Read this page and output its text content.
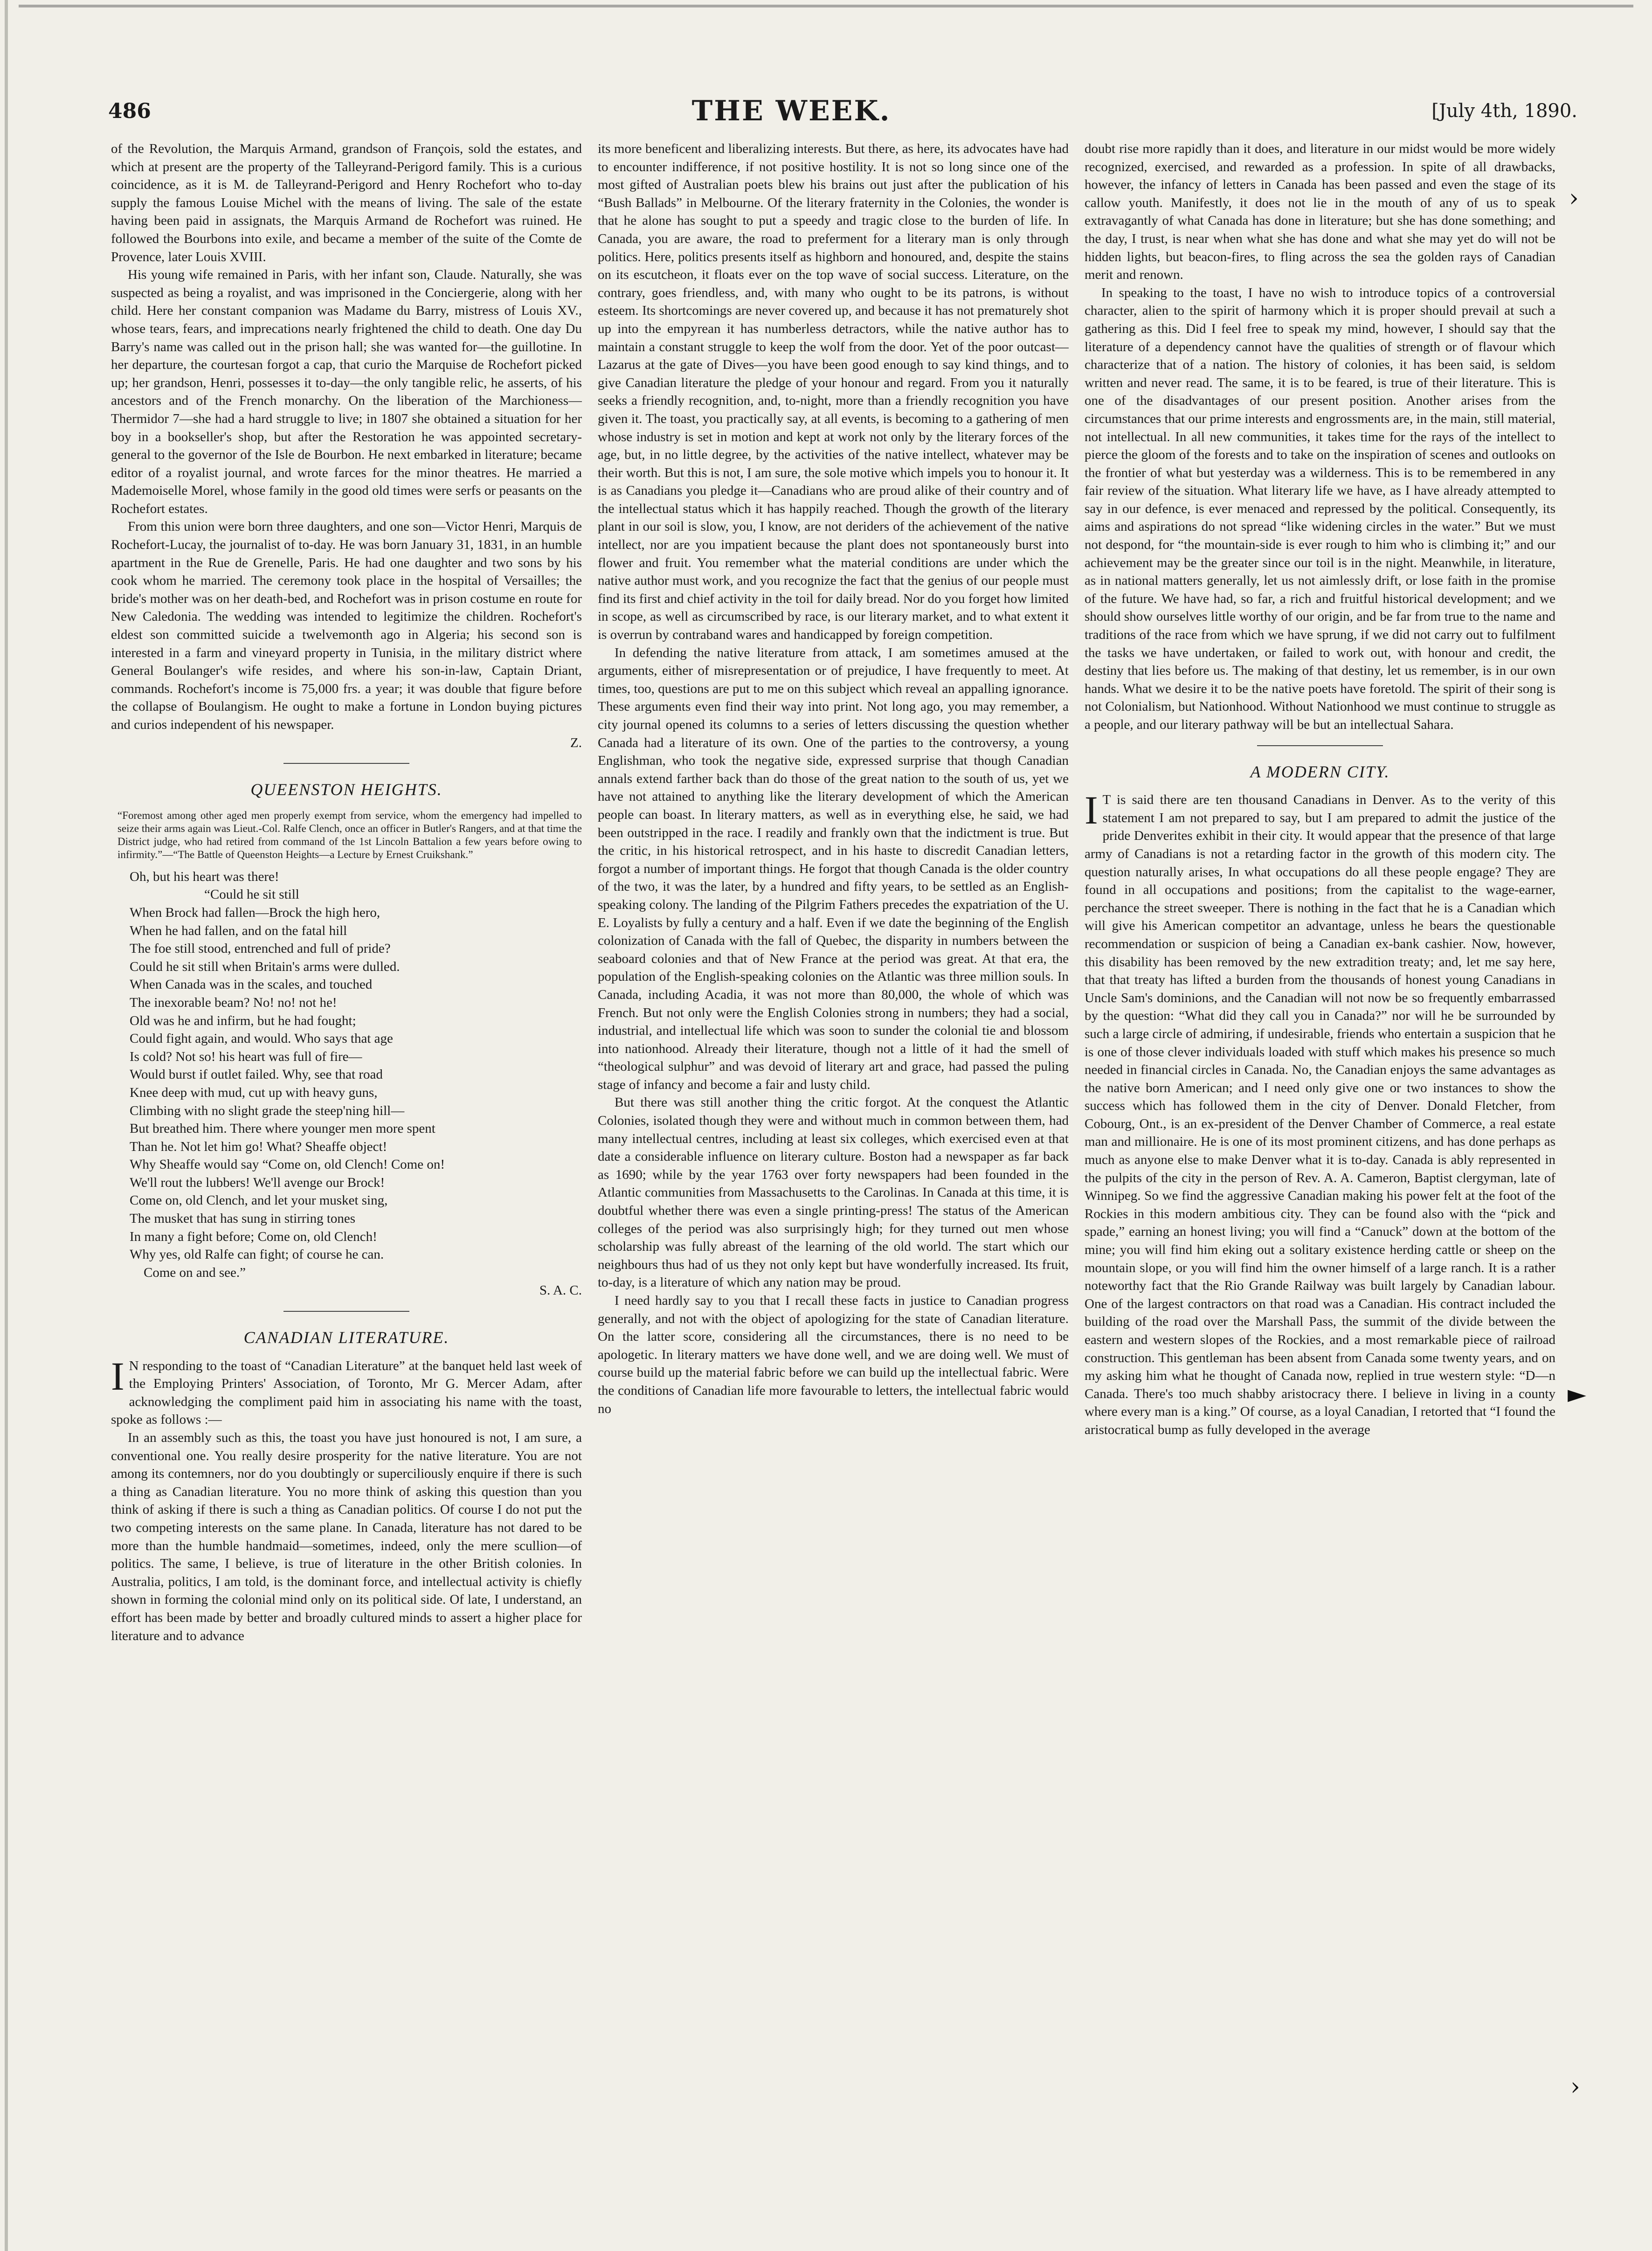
486	THE WEEK.	[July 4th, 1890.

of the Revolution, the Marquis Armand, grandson of François, sold the estates, and which at present are the property of the Talleyrand-Perigord family. This is a curious coincidence, as it is M. de Talleyrand-Perigord and Henry Rochefort who to-day supply the famous Louise Michel with the means of living. The sale of the estate having been paid in assignats, the Marquis Armand de Rochefort was ruined. He followed the Bourbons into exile, and became a member of the suite of the Comte de Provence, later Louis XVIII.

His young wife remained in Paris, with her infant son, Claude. Naturally, she was suspected as being a royalist, and was imprisoned in the Conciergerie, along with her child. Here her constant companion was Madame du Barry, mistress of Louis XV., whose tears, fears, and imprecations nearly frightened the child to death. One day Du Barry's name was called out in the prison hall; she was wanted for—the guillotine. In her departure, the courtesan forgot a cap, that curio the Marquise de Rochefort picked up; her grandson, Henri, possesses it to-day—the only tangible relic, he asserts, of his ancestors and of the French monarchy. On the liberation of the Marchioness—Thermidor 7—she had a hard struggle to live; in 1807 she obtained a situation for her boy in a bookseller's shop, but after the Restoration he was appointed secretary-general to the governor of the Isle de Bourbon. He next embarked in literature; became editor of a royalist journal, and wrote farces for the minor theatres. He married a Mademoiselle Morel, whose family in the good old times were serfs or peasants on the Rochefort estates.

From this union were born three daughters, and one son—Victor Henri, Marquis de Rochefort-Lucay, the journalist of to-day. He was born January 31, 1831, in an humble apartment in the Rue de Grenelle, Paris. He had one daughter and two sons by his cook whom he married. The ceremony took place in the hospital of Versailles; the bride's mother was on her death-bed, and Rochefort was in prison costume en route for New Caledonia. The wedding was intended to legitimize the children. Rochefort's eldest son committed suicide a twelvemonth ago in Algeria; his second son is interested in a farm and vineyard property in Tunisia, in the military district where General Boulanger's wife resides, and where his son-in-law, Captain Driant, commands. Rochefort's income is 75,000 frs. a year; it was double that figure before the collapse of Boulangism. He ought to make a fortune in London buying pictures and curios independent of his newspaper.

Z.

QUEENSTON HEIGHTS.
“Foremost among other aged men properly exempt from service, whom the emergency had impelled to seize their arms again was Lieut.-Col. Ralfe Clench, once an officer in Butler's Rangers, and at that time the District judge, who had retired from command of the 1st Lincoln Battalion a few years before owing to infirmity.”—“The Battle of Queenston Heights—a Lecture by Ernest Cruikshank.”
Oh, but his heart was there!
“Could he sit still
When Brock had fallen—Brock the high hero,
When he had fallen, and on the fatal hill
The foe still stood, entrenched and full of pride?
Could he sit still when Britain's arms were dulled.
When Canada was in the scales, and touched
The inexorable beam? No! no! not he!
Old was he and infirm, but he had fought;
Could fight again, and would. Who says that age
Is cold? Not so! his heart was full of fire—
Would burst if outlet failed. Why, see that road
Knee deep with mud, cut up with heavy guns,
Climbing with no slight grade the steep'ning hill—
But breathed him. There where younger men more spent
Than he. Not let him go! What? Sheaffe object!
Why Sheaffe would say “Come on, old Clench! Come on!
We'll rout the lubbers! We'll avenge our Brock!
Come on, old Clench, and let your musket sing,
The musket that has sung in stirring tones
In many a fight before; Come on, old Clench!
Why yes, old Ralfe can fight; of course he can.
Come on and see.”

S. A. C.

CANADIAN LITERATURE.

I N responding to the toast of “Canadian Literature” at the banquet held last week of the Employing Printers' Association, of Toronto, Mr G. Mercer Adam, after acknowledging the compliment paid him in associating his name with the toast, spoke as follows :—

In an assembly such as this, the toast you have just honoured is not, I am sure, a conventional one. You really desire prosperity for the native literature. You are not among its contemners, nor do you doubtingly or superciliously enquire if there is such a thing as Canadian literature. You no more think of asking this question than you think of asking if there is such a thing as Canadian politics. Of course I do not put the two competing interests on the same plane. In Canada, literature has not dared to be more than the humble handmaid—sometimes, indeed, only the mere scullion—of politics. The same, I believe, is true of literature in the other British colonies. In Australia, politics, I am told, is the dominant force, and intellectual activity is chiefly shown in forming the colonial mind only on its political side. Of late, I understand, an effort has been made by better and broadly cultured minds to assert a higher place for literature and to advance

its more beneficent and liberalizing interests. But there, as here, its advocates have had to encounter indifference, if not positive hostility. It is not so long since one of the most gifted of Australian poets blew his brains out just after the publication of his “Bush Ballads” in Melbourne. Of the literary fraternity in the Colonies, the wonder is that he alone has sought to put a speedy and tragic close to the burden of life. In Canada, you are aware, the road to preferment for a literary man is only through politics. Here, politics presents itself as highborn and honoured, and, despite the stains on its escutcheon, it floats ever on the top wave of social success. Literature, on the contrary, goes friendless, and, with many who ought to be its patrons, is without esteem. Its shortcomings are never covered up, and because it has not prematurely shot up into the empyrean it has numberless detractors, while the native author has to maintain a constant struggle to keep the wolf from the door. Yet of the poor outcast—Lazarus at the gate of Dives—you have been good enough to say kind things, and to give Canadian literature the pledge of your honour and regard. From you it naturally seeks a friendly recognition, and, to-night, more than a friendly recognition you have given it. The toast, you practically say, at all events, is becoming to a gathering of men whose industry is set in motion and kept at work not only by the literary forces of the age, but, in no little degree, by the activities of the native intellect, whatever may be their worth. But this is not, I am sure, the sole motive which impels you to honour it. It is as Canadians you pledge it—Canadians who are proud alike of their country and of the intellectual status which it has happily reached. Though the growth of the literary plant in our soil is slow, you, I know, are not deriders of the achievement of the native intellect, nor are you impatient because the plant does not spontaneously burst into flower and fruit. You remember what the material conditions are under which the native author must work, and you recognize the fact that the genius of our people must find its first and chief activity in the toil for daily bread. Nor do you forget how limited in scope, as well as circumscribed by race, is our literary market, and to what extent it is overrun by contraband wares and handicapped by foreign competition.

In defending the native literature from attack, I am sometimes amused at the arguments, either of misrepresentation or of prejudice, I have frequently to meet. At times, too, questions are put to me on this subject which reveal an appalling ignorance. These arguments even find their way into print. Not long ago, you may remember, a city journal opened its columns to a series of letters discussing the question whether Canada had a literature of its own. One of the parties to the controversy, a young Englishman, who took the negative side, expressed surprise that though Canadian annals extend farther back than do those of the great nation to the south of us, yet we have not attained to anything like the literary development of which the American people can boast. In literary matters, as well as in everything else, he said, we had been outstripped in the race. I readily and frankly own that the indictment is true. But the critic, in his historical retrospect, and in his haste to discredit Canadian letters, forgot a number of important things. He forgot that though Canada is the older country of the two, it was the later, by a hundred and fifty years, to be settled as an English-speaking colony. The landing of the Pilgrim Fathers precedes the expatriation of the U. E. Loyalists by fully a century and a half. Even if we date the beginning of the English colonization of Canada with the fall of Quebec, the disparity in numbers between the seaboard colonies and that of New France at the period was great. At that era, the population of the English-speaking colonies on the Atlantic was three million souls. In Canada, including Acadia, it was not more than 80,000, the whole of which was French. But not only were the English Colonies strong in numbers; they had a social, industrial, and intellectual life which was soon to sunder the colonial tie and blossom into nationhood. Already their literature, though not a little of it had the smell of “theological sulphur” and was devoid of literary art and grace, had passed the puling stage of infancy and become a fair and lusty child.

But there was still another thing the critic forgot. At the conquest the Atlantic Colonies, isolated though they were and without much in common between them, had many intellectual centres, including at least six colleges, which exercised even at that date a considerable influence on literary culture. Boston had a newspaper as far back as 1690; while by the year 1763 over forty newspapers had been founded in the Atlantic communities from Massachusetts to the Carolinas. In Canada at this time, it is doubtful whether there was even a single printing-press! The status of the American colleges of the period was also surprisingly high; for they turned out men whose scholarship was fully abreast of the learning of the old world. The start which our neighbours thus had of us they not only kept but have wonderfully increased. Its fruit, to-day, is a literature of which any nation may be proud.

I need hardly say to you that I recall these facts in justice to Canadian progress generally, and not with the object of apologizing for the state of Canadian literature. On the latter score, considering all the circumstances, there is no need to be apologetic. In literary matters we have done well, and we are doing well. We must of course build up the material fabric before we can build up the intellectual fabric. Were the conditions of Canadian life more favourable to letters, the intellectual fabric would no

doubt rise more rapidly than it does, and literature in our midst would be more widely recognized, exercised, and rewarded as a profession. In spite of all drawbacks, however, the infancy of letters in Canada has been passed and even the stage of its callow youth. Manifestly, it does not lie in the mouth of any of us to speak extravagantly of what Canada has done in literature; but she has done something; and the day, I trust, is near when what she has done and what she may yet do will not be hidden lights, but beacon-fires, to fling across the sea the golden rays of Canadian merit and renown.

In speaking to the toast, I have no wish to introduce topics of a controversial character, alien to the spirit of harmony which it is proper should prevail at such a gathering as this. Did I feel free to speak my mind, however, I should say that the literature of a dependency cannot have the qualities of strength or of flavour which characterize that of a nation. The history of colonies, it has been said, is seldom written and never read. The same, it is to be feared, is true of their literature. This is one of the disadvantages of our present position. Another arises from the circumstances that our prime interests and engrossments are, in the main, still material, not intellectual. In all new communities, it takes time for the rays of the intellect to pierce the gloom of the forests and to take on the inspiration of scenes and outlooks on the frontier of what but yesterday was a wilderness. This is to be remembered in any fair review of the situation. What literary life we have, as I have already attempted to say in our defence, is ever menaced and repressed by the political. Consequently, its aims and aspirations do not spread “like widening circles in the water.” But we must not despond, for “the mountain-side is ever rough to him who is climbing it;” and our achievement may be the greater since our toil is in the night. Meanwhile, in literature, as in national matters generally, let us not aimlessly drift, or lose faith in the promise of the future. We have had, so far, a rich and fruitful historical development; and we should show ourselves little worthy of our origin, and be far from true to the name and traditions of the race from which we have sprung, if we did not carry out to fulfilment the tasks we have undertaken, or failed to work out, with honour and credit, the destiny that lies before us. The making of that destiny, let us remember, is in our own hands. What we desire it to be the native poets have foretold. The spirit of their song is not Colonialism, but Nationhood. Without Nationhood we must continue to struggle as a people, and our literary pathway will be but an intellectual Sahara.

A MODERN CITY.

I T is said there are ten thousand Canadians in Denver. As to the verity of this statement I am not prepared to say, but I am prepared to admit the justice of the pride Denverites exhibit in their city. It would appear that the presence of that large army of Canadians is not a retarding factor in the growth of this modern city. The question naturally arises, In what occupations do all these people engage? They are found in all occupations and positions; from the capitalist to the wage-earner, perchance the street sweeper. There is nothing in the fact that he is a Canadian which will give his American competitor an advantage, unless he bears the questionable recommendation or suspicion of being a Canadian ex-bank cashier. Now, however, this disability has been removed by the new extradition treaty; and, let me say here, that that treaty has lifted a burden from the thousands of honest young Canadians in Uncle Sam's dominions, and the Canadian will not now be so frequently embarrassed by the question: “What did they call you in Canada?” nor will he be surrounded by such a large circle of admiring, if undesirable, friends who entertain a suspicion that he is one of those clever individuals loaded with stuff which makes his presence so much needed in financial circles in Canada. No, the Canadian enjoys the same advantages as the native born American; and I need only give one or two instances to show the success which has followed them in the city of Denver. Donald Fletcher, from Cobourg, Ont., is an ex-president of the Denver Chamber of Commerce, a real estate man and millionaire. He is one of its most prominent citizens, and has done perhaps as much as anyone else to make Denver what it is to-day. Canada is ably represented in the pulpits of the city in the person of Rev. A. A. Cameron, Baptist clergyman, late of Winnipeg. So we find the aggressive Canadian making his power felt at the foot of the Rockies in this modern ambitious city. They can be found also with the “pick and spade,” earning an honest living; you will find a “Canuck” down at the bottom of the mine; you will find him eking out a solitary existence herding cattle or sheep on the mountain slope, or you will find him the owner himself of a large ranch. It is a rather noteworthy fact that the Rio Grande Railway was built largely by Canadian labour. One of the largest contractors on that road was a Canadian. His contract included the building of the road over the Marshall Pass, the summit of the divide between the eastern and western slopes of the Rockies, and a most remarkable piece of railroad construction. This gentleman has been absent from Canada some twenty years, and on my asking him what he thought of Canada now, replied in true western style: “D—n Canada. There's too much shabby aristocracy there. I believe in living in a county where every man is a king.” Of course, as a loyal Canadian, I retorted that “I found the aristocratical bump as fully developed in the average

›
►
›
